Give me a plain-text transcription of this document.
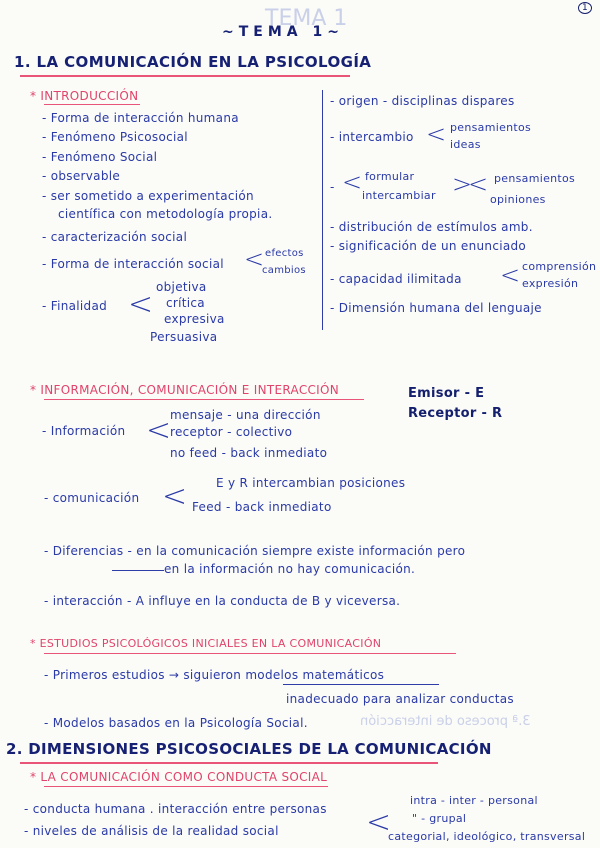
1
TEMA 1
3.ª proceso de interacción
~TEMA 1~
1. LA COMUNICACIÓN EN LA PSICOLOGÍA
* INTRODUCCIÓN
- Forma de interacción humana
- Fenómeno Psicosocial
- Fenómeno Social
- observable
- ser sometido a experimentación
científica con metodología propia.
- caracterización social
- Forma de interacción social < efectos
cambios
- Finalidad < objetiva
crítica
expresiva
Persuasiva
- origen - disciplinas dispares
- intercambio < pensamientos
ideas
- < formular
intercambiar >
< pensamientos
opiniones
- distribución de estímulos amb.
- significación de un enunciado
- capacidad ilimitada < comprensión
expresión
- Dimensión humana del lenguaje
* INFORMACIÓN, COMUNICACIÓN E INTERACCIÓN	Emisor - E
Receptor - R
- Información <
mensaje - una dirección
receptor - colectivo
no feed - back inmediato
- comunicación < E y R intercambian posiciones
Feed - back inmediato
- Diferencias - en la comunicación siempre existe información pero
en la información no hay comunicación.
- interacción - A influye en la conducta de B y viceversa.
* ESTUDIOS PSICOLÓGICOS INICIALES EN LA COMUNICACIÓN
- Primeros estudios → siguieron modelos matemáticos
inadecuado para analizar conductas
- Modelos basados en la Psicología Social.
2. DIMENSIONES PSICOSOCIALES DE LA COMUNICACIÓN
* LA COMUNICACIÓN COMO CONDUCTA SOCIAL
- conducta humana . interacción entre personas
- niveles de análisis de la realidad social	<
intra - inter - personal
" - grupal
categorial, ideológico, transversal
